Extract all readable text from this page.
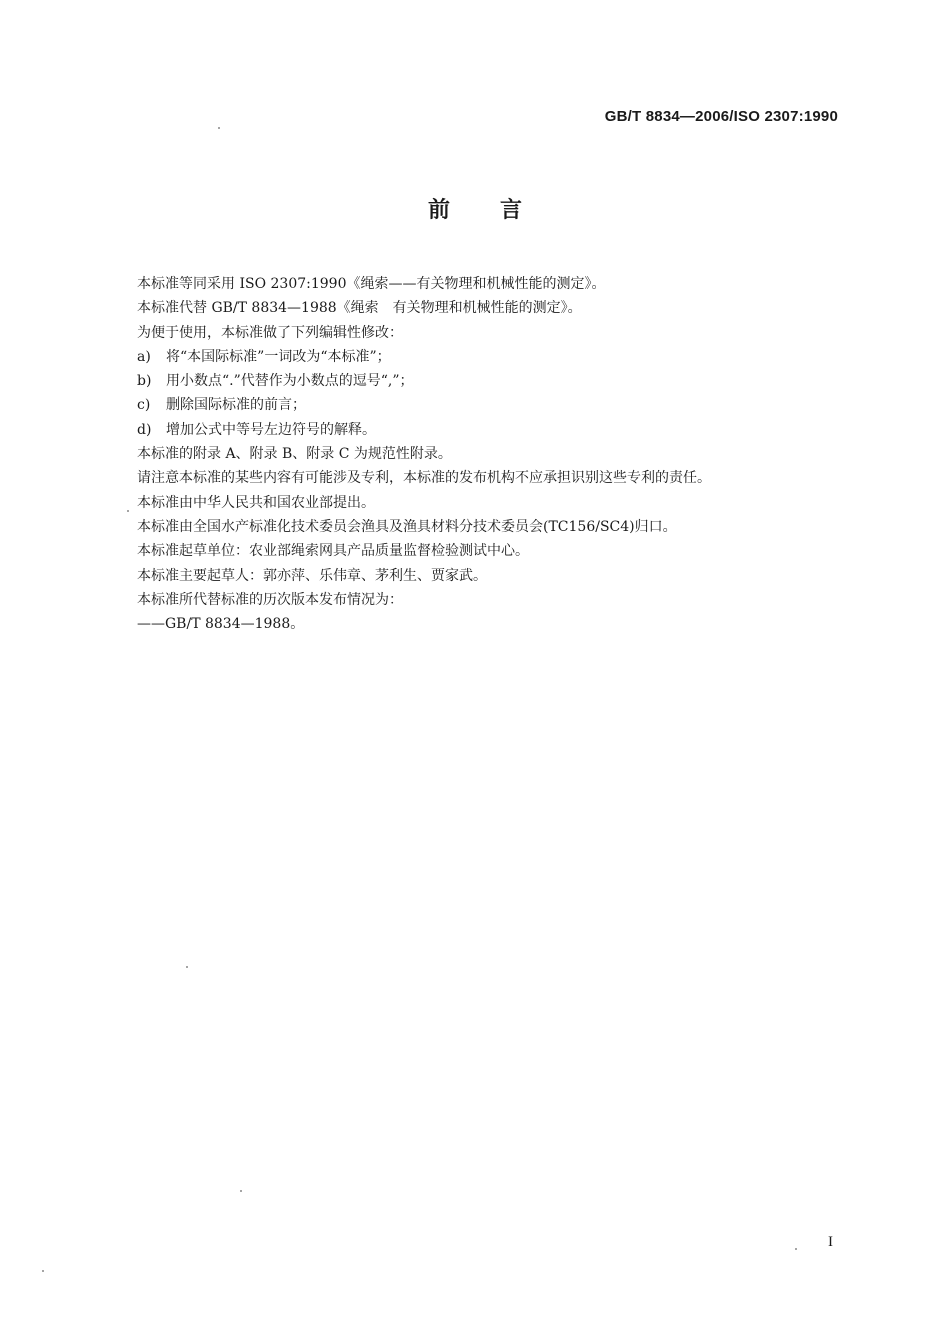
GB/T 8834—2006/ISO 2307:1990
前 言
本标准等同采用 ISO 2307:1990《绳索——有关物理和机械性能的测定》。
本标准代替 GB/T 8834—1988《绳索　有关物理和机械性能的测定》。
为便于使用，本标准做了下列编辑性修改：
a)	将“本国际标准”一词改为“本标准”；
b)	用小数点“.”代替作为小数点的逗号“,”；
c)	删除国际标准的前言；
d)	增加公式中等号左边符号的解释。
本标准的附录 A、附录 B、附录 C 为规范性附录。
请注意本标准的某些内容有可能涉及专利，本标准的发布机构不应承担识别这些专利的责任。
本标准由中华人民共和国农业部提出。
本标准由全国水产标准化技术委员会渔具及渔具材料分技术委员会(TC156/SC4)归口。
本标准起草单位：农业部绳索网具产品质量监督检验测试中心。
本标准主要起草人：郭亦萍、乐伟章、茅利生、贾家武。
本标准所代替标准的历次版本发布情况为：
——GB/T 8834—1988。
I
